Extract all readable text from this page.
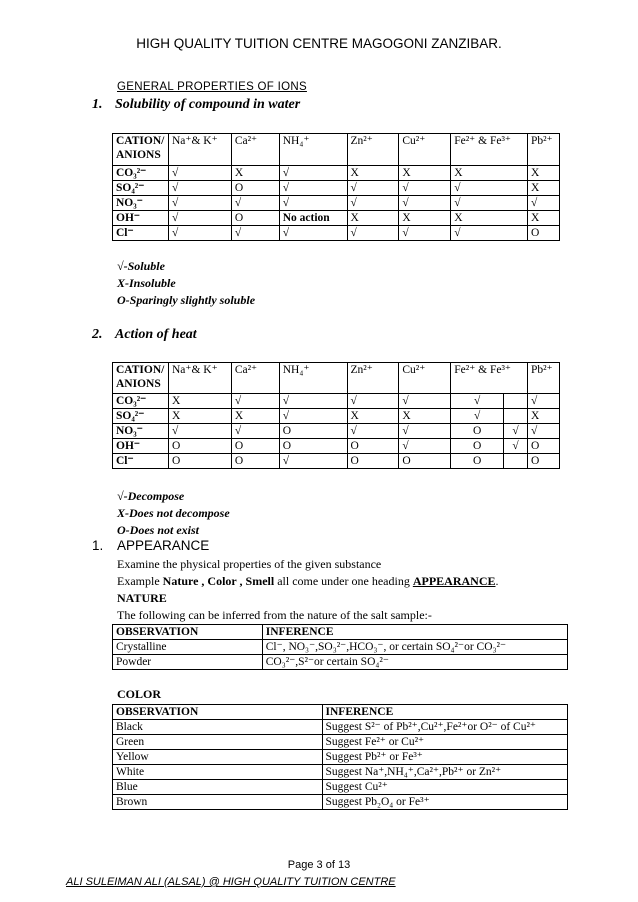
HIGH QUALITY TUITION CENTRE MAGOGONI ZANZIBAR.
GENERAL PROPERTIES OF IONS
1. Solubility of compound in water
CATION/ ANIONS	Na⁺& K⁺	Ca²⁺	NH₄⁺	Zn²⁺	Cu²⁺	Fe²⁺ & Fe³⁺	Pb²⁺
CO₃²⁻	√	X	√	X	X	X	X
SO₄²⁻	√	O	√	√	√	√	X
NO₃⁻	√	√	√	√	√	√	√
OH⁻	√	O	No action	X	X	X	X
Cl⁻	√	√	√	√	√	√	O
√-Soluble
X-Insoluble
O-Sparingly slightly soluble
2. Action of heat
CATION/ ANIONS	Na⁺& K⁺	Ca²⁺	NH₄⁺	Zn²⁺	Cu²⁺	Fe²⁺ & Fe³⁺		Pb²⁺
CO₃²⁻	X	√	√	√	√	√		√
SO₄²⁻	X	X	√	X	X	√		X
NO₃⁻	√	√	O	√	√	O	√	√
OH⁻	O	O	O	O	√	O	√	O
Cl⁻	O	O	√	O	O	O		O
√-Decompose
X-Does not decompose
O-Does not exist
1. APPEARANCE
Examine the physical properties of the given substance
Example Nature , Color , Smell all come under one heading APPEARANCE.
NATURE
The following can be inferred from the nature of the salt sample:-
OBSERVATION	INFERENCE
Crystalline	Cl⁻, NO₃⁻,SO₃²⁻,HCO₃⁻, or certain SO₄²⁻or CO₃²⁻
Powder	CO₃²⁻,S²⁻or certain SO₄²⁻
COLOR
OBSERVATION	INFERENCE
Black	Suggest S²⁻ of Pb²⁺,Cu²⁺,Fe²⁺or O²⁻ of Cu²⁺
Green	Suggest Fe²⁺ or Cu²⁺
Yellow	Suggest Pb²⁺ or Fe³⁺
White	Suggest Na⁺,NH₄⁺,Ca²⁺,Pb²⁺ or Zn²⁺
Blue	Suggest Cu²⁺
Brown	Suggest Pb₂O₄ or Fe³⁺
Page 3 of 13
ALI SULEIMAN ALI (ALSAL) @ HIGH QUALITY TUITION CENTRE
